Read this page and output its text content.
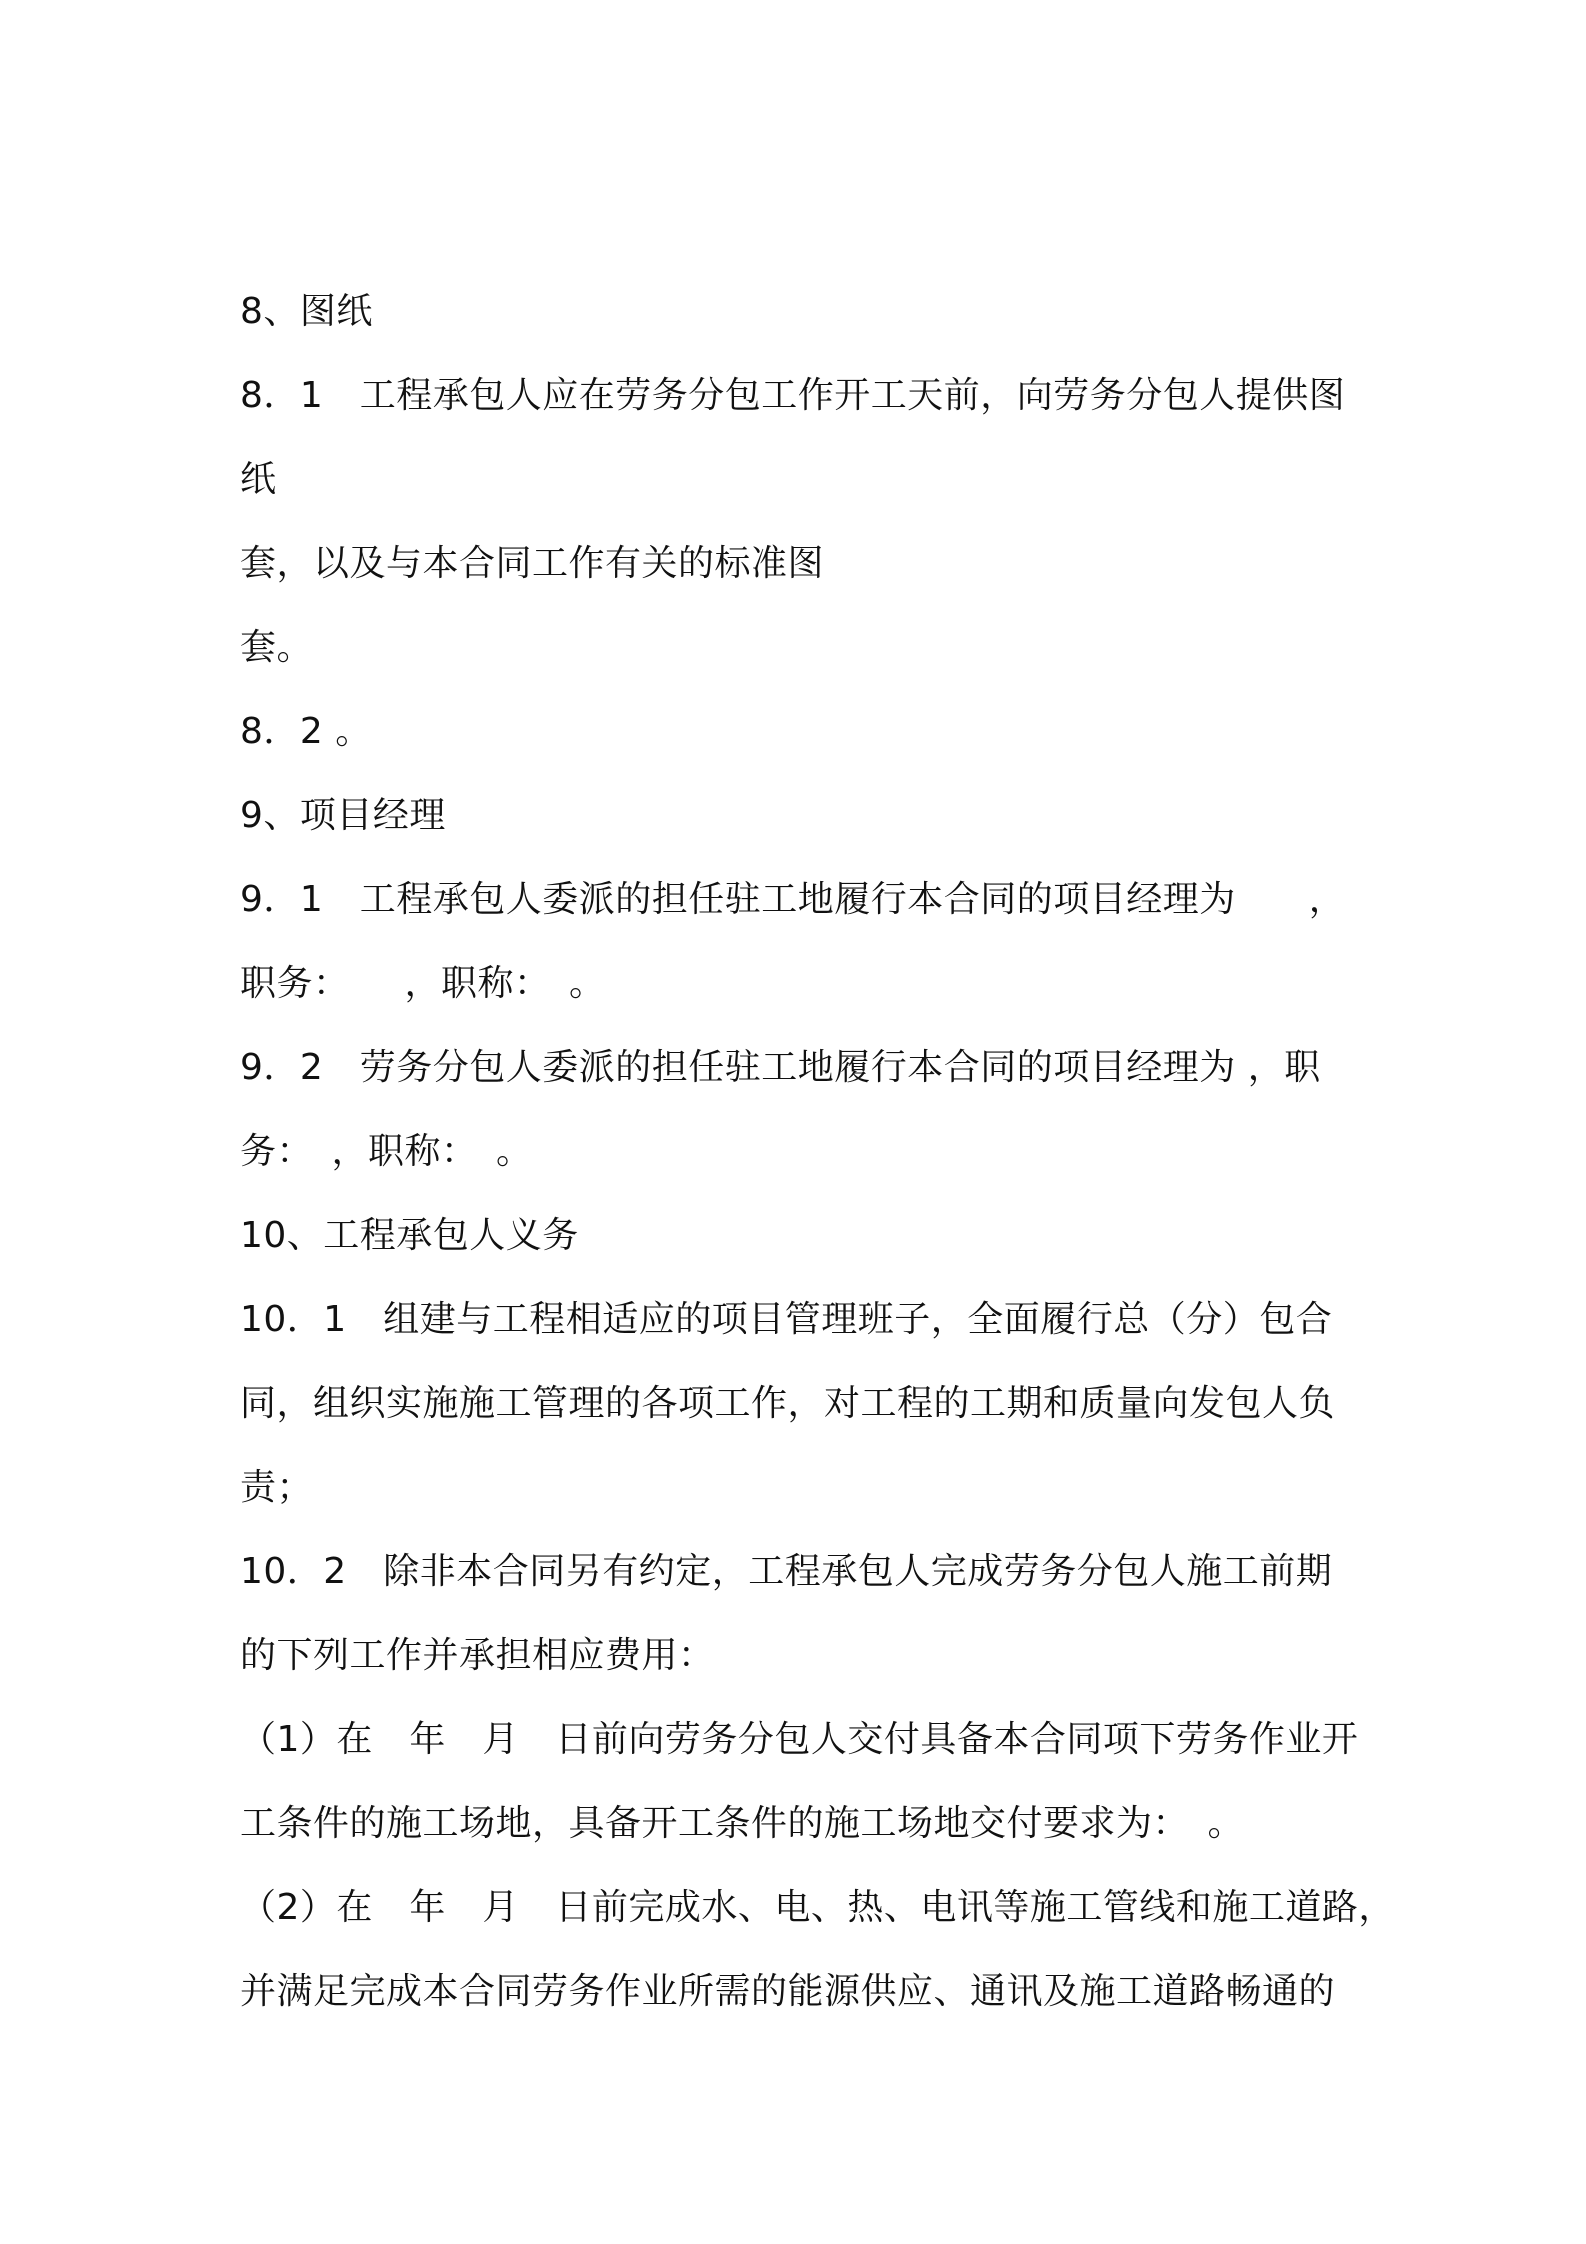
8、图纸
8．1　工程承包人应在劳务分包工作开工天前，向劳务分包人提供图
纸
套，以及与本合同工作有关的标准图
套。
8．2 。
9、项目经理
9．1　工程承包人委派的担任驻工地履行本合同的项目经理为　　，
职务：　　，职称：　。
9．2　劳务分包人委派的担任驻工地履行本合同的项目经理为 ，职
务：　，职称：　。
10、工程承包人义务
10．1　组建与工程相适应的项目管理班子，全面履行总（分）包合
同，组织实施施工管理的各项工作，对工程的工期和质量向发包人负
责；
10．2　除非本合同另有约定，工程承包人完成劳务分包人施工前期
的下列工作并承担相应费用：
（1）在　年　月　日前向劳务分包人交付具备本合同项下劳务作业开
工条件的施工场地，具备开工条件的施工场地交付要求为：　。
（2）在　年　月　日前完成水、电、热、电讯等施工管线和施工道路，
并满足完成本合同劳务作业所需的能源供应、通讯及施工道路畅通的
